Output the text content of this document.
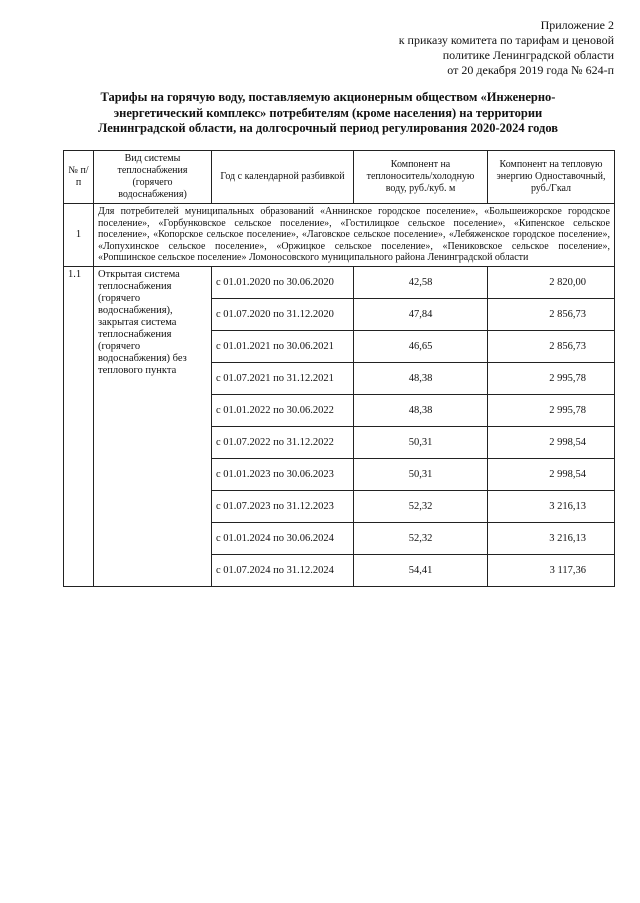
Приложение 2
к приказу комитета по тарифам и ценовой
политике Ленинградской области
от 20 декабря 2019 года № 624-п
Тарифы на горячую воду, поставляемую акционерным обществом «Инженерно-энергетический комплекс» потребителям (кроме населения) на территории Ленинградской области, на долгосрочный период регулирования 2020-2024 годов
№ п/п	Вид системы теплоснабжения (горячего водоснабжения)	Год с календарной разбивкой	Компонент на теплоноситель/холодную воду, руб./куб. м	Компонент на тепловую энергию Одноставочный, руб./Гкал
1	Для потребителей муниципальных образований «Аннинское городское поселение», «Большеижорское городское поселение», «Горбунковское сельское поселение», «Гостилицкое сельское поселение», «Кипенское сельское поселение», «Копорское сельское поселение», «Лаговское сельское поселение», «Лебяженское городское поселение», «Лопухинское сельское поселение», «Оржицкое сельское поселение», «Пениковское сельское поселение», «Ропшинское сельское поселение» Ломоносовского муниципального района Ленинградской области			
1.1	Открытая система теплоснабжения (горячего водоснабжения), закрытая система теплоснабжения (горячего водоснабжения) без теплового пункта	с 01.01.2020 по 30.06.2020	42,58	2 820,00
		с 01.07.2020 по 31.12.2020	47,84	2 856,73
		с 01.01.2021 по 30.06.2021	46,65	2 856,73
		с 01.07.2021 по 31.12.2021	48,38	2 995,78
		с 01.01.2022 по 30.06.2022	48,38	2 995,78
		с 01.07.2022 по 31.12.2022	50,31	2 998,54
		с 01.01.2023 по 30.06.2023	50,31	2 998,54
		с 01.07.2023 по 31.12.2023	52,32	3 216,13
		с 01.01.2024 по 30.06.2024	52,32	3 216,13
		с 01.07.2024 по 31.12.2024	54,41	3 117,36
